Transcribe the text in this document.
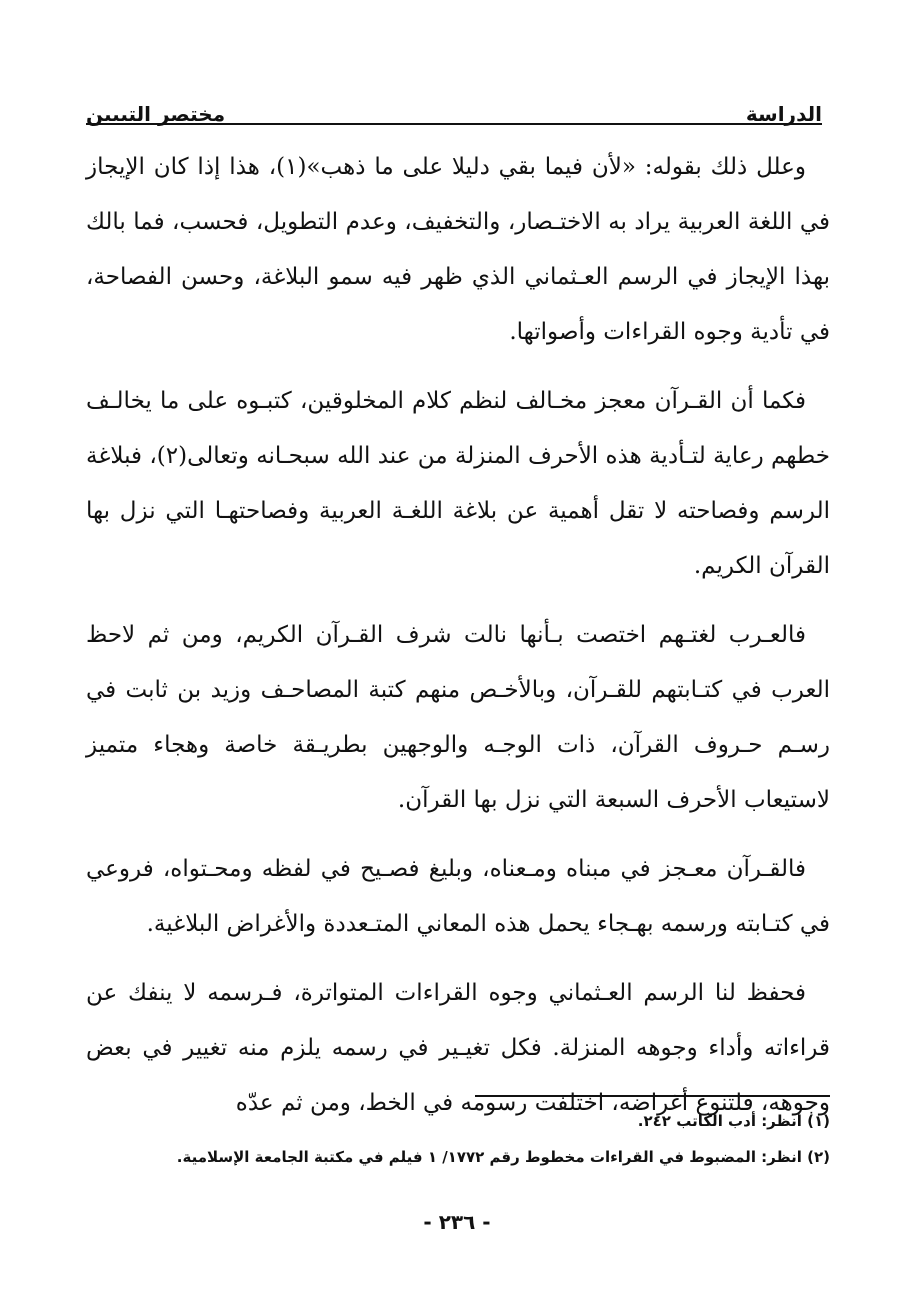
الدراسة
مختصر التبيين

وعلل ذلك بقوله: «لأن فيما بقي دليلا على ما ذهب»(١)، هذا إذا كان الإيجاز في اللغة العربية يراد به الاختـصار، والتخفيف، وعدم التطويل، فحسب، فما بالك بهذا الإيجاز في الرسم العـثماني الذي ظهر فيه سمو البلاغة، وحسن الفصاحة، في تأدية وجوه القراءات وأصواتها.

فكما أن القـرآن معجز مخـالف لنظم كلام المخلوقين، كتبـوه على ما يخالـف خطهم رعاية لتـأدية هذه الأحرف المنزلة من عند الله سبحـانه وتعالى(٢)، فبلاغة الرسم وفصاحته لا تقل أهمية عن بلاغة اللغـة العربية وفصاحتهـا التي نزل بها القرآن الكريم.

فالعـرب لغتـهم اختصت بـأنها نالت شرف القـرآن الكريم، ومن ثم لاحظ العرب في كتـابتهم للقـرآن، وبالأخـص منهم كتبة المصاحـف وزيد بن ثابت في رسـم حـروف القرآن، ذات الوجـه والوجهين بطريـقة خاصة وهجاء متميز لاستيعاب الأحرف السبعة التي نزل بها القرآن.

فالقـرآن معـجز في مبناه ومـعناه، وبليغ فصـيح في لفظه ومحـتواه، فروعي في كتـابته ورسمه بهـجاء يحمل هذه المعاني المتـعددة والأغراض البلاغية.

فحفظ لنا الرسم العـثماني وجوه القراءات المتواترة، فـرسمه لا ينفك عن قراءاته وأداء وجوهه المنزلة. فكل تغيـير في رسمه يلزم منه تغيير في بعض وجوهه، فلتنوع أغراضه، اختلفت رسومه في الخط، ومن ثم عدّه

(١) انظر: أدب الكاتب ٢٤٢.
(٢) انظر: المضبوط في القراءات مخطوط رقم ١٧٧٢/ ١ فيلم في مكتبة الجامعة الإسلامية.
- ٢٣٦ -
